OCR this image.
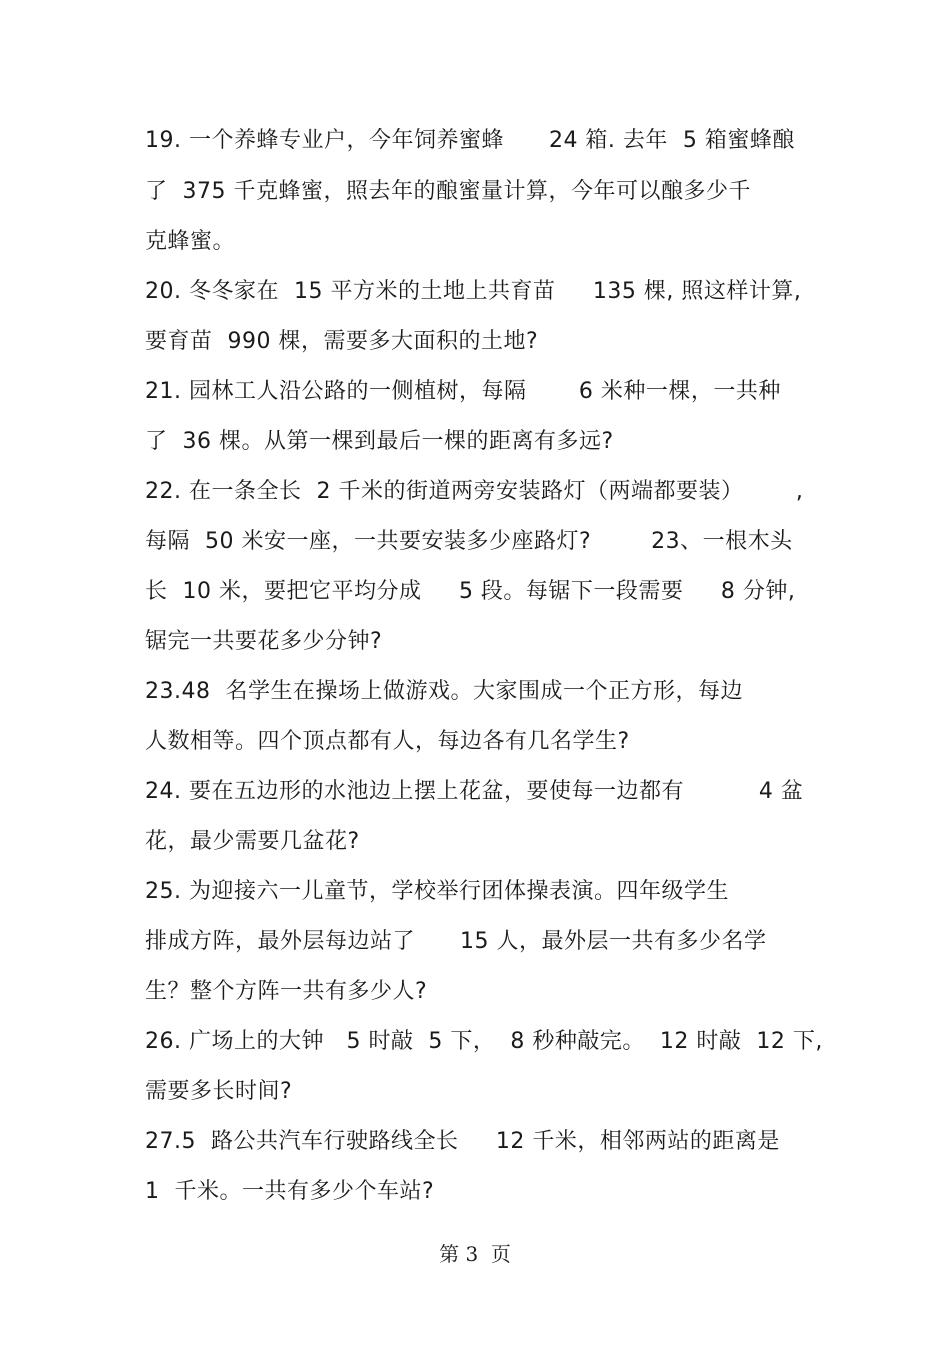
19. 一个养蜂专业户，今年饲养蜜蜂      24 箱. 去年  5 箱蜜蜂酿
了  375 千克蜂蜜，照去年的酿蜜量计算，今年可以酿多少千
克蜂蜜。
20. 冬冬家在  15 平方米的土地上共育苗     135 棵, 照这样计算,
要育苗  990 棵，需要多大面积的土地?
21. 园林工人沿公路的一侧植树，每隔       6 米种一棵，一共种
了  36 棵。从第一棵到最后一棵的距离有多远?
22. 在一条全长  2 千米的街道两旁安装路灯（两端都要装）       ,
每隔  50 米安一座，一共要安装多少座路灯?        23、一根木头
长  10 米，要把它平均分成     5 段。每锯下一段需要     8 分钟,
锯完一共要花多少分钟?
23.48  名学生在操场上做游戏。大家围成一个正方形，每边
人数相等。四个顶点都有人，每边各有几名学生?
24. 要在五边形的水池边上摆上花盆，要使每一边都有          4 盆
花，最少需要几盆花?
25. 为迎接六一儿童节，学校举行团体操表演。四年级学生
排成方阵，最外层每边站了      15 人，最外层一共有多少名学
生？整个方阵一共有多少人?
26. 广场上的大钟   5 时敲  5 下，  8 秒种敲完。  12 时敲  12 下,
需要多长时间?
27.5  路公共汽车行驶路线全长     12 千米，相邻两站的距离是
1  千米。一共有多少个车站?
第 3  页
